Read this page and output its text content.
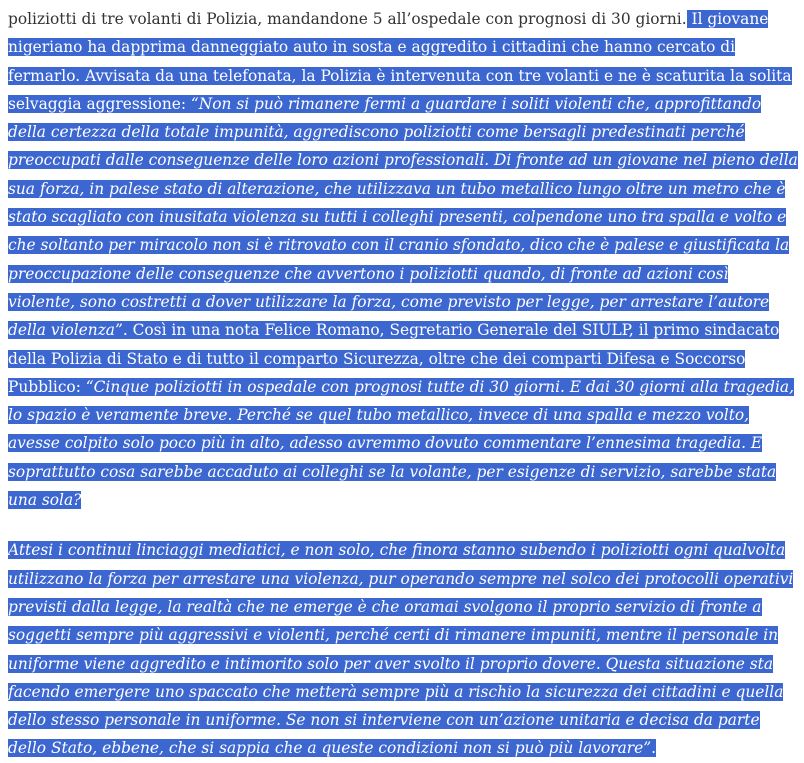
poliziotti di tre volanti di Polizia, mandandone 5 all’ospedale con prognosi di 30 giorni. Il giovane nigeriano ha dapprima danneggiato auto in sosta e aggredito i cittadini che hanno cercato di fermarlo. Avvisata da una telefonata, la Polizia è intervenuta con tre volanti e ne è scaturita la solita selvaggia aggressione: “Non si può rimanere fermi a guardare i soliti violenti che, approfittando della certezza della totale impunità, aggrediscono poliziotti come bersagli predestinati perché preoccupati dalle conseguenze delle loro azioni professionali. Di fronte ad un giovane nel pieno della sua forza, in palese stato di alterazione, che utilizzava un tubo metallico lungo oltre un metro che è stato scagliato con inusitata violenza su tutti i colleghi presenti, colpendone uno tra spalla e volto e che soltanto per miracolo non si è ritrovato con il cranio sfondato, dico che è palese e giustificata la preoccupazione delle conseguenze che avvertono i poliziotti quando, di fronte ad azioni così violente, sono costretti a dover utilizzare la forza, come previsto per legge, per arrestare l’autore della violenza”. Così in una nota Felice Romano, Segretario Generale del SIULP, il primo sindacato della Polizia di Stato e di tutto il comparto Sicurezza, oltre che dei comparti Difesa e Soccorso Pubblico: “Cinque poliziotti in ospedale con prognosi tutte di 30 giorni. E dai 30 giorni alla tragedia, lo spazio è veramente breve. Perché se quel tubo metallico, invece di una spalla e mezzo volto, avesse colpito solo poco più in alto, adesso avremmo dovuto commentare l’ennesima tragedia. E soprattutto cosa sarebbe accaduto ai colleghi se la volante, per esigenze di servizio, sarebbe stata una sola?

Attesi i continui linciaggi mediatici, e non solo, che finora stanno subendo i poliziotti ogni qualvolta utilizzano la forza per arrestare una violenza, pur operando sempre nel solco dei protocolli operativi previsti dalla legge, la realtà che ne emerge è che oramai svolgono il proprio servizio di fronte a soggetti sempre più aggressivi e violenti, perché certi di rimanere impuniti, mentre il personale in uniforme viene aggredito e intimorito solo per aver svolto il proprio dovere. Questa situazione sta facendo emergere uno spaccato che metterà sempre più a rischio la sicurezza dei cittadini e quella dello stesso personale in uniforme. Se non si interviene con un’azione unitaria e decisa da parte dello Stato, ebbene, che si sappia che a queste condizioni non si può più lavorare”.
